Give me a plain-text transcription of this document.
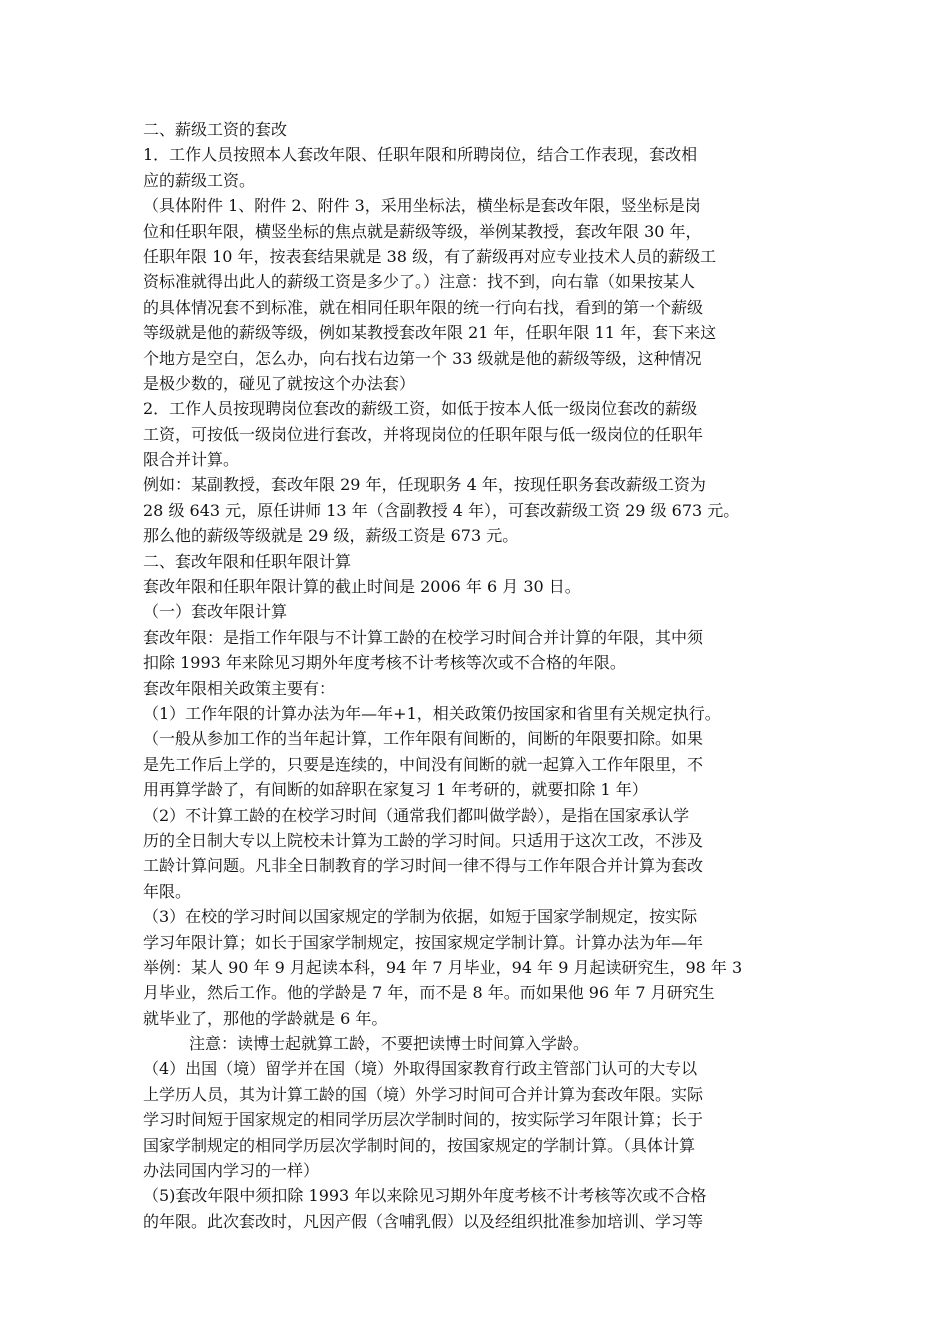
二、薪级工资的套改
1．工作人员按照本人套改年限、任职年限和所聘岗位，结合工作表现，套改相
应的薪级工资。
（具体附件 1、附件 2、附件 3，采用坐标法，横坐标是套改年限，竖坐标是岗
位和任职年限，横竖坐标的焦点就是薪级等级，举例某教授，套改年限 30 年，
任职年限 10 年，按表套结果就是 38 级，有了薪级再对应专业技术人员的薪级工
资标准就得出此人的薪级工资是多少了。）注意：找不到，向右靠（如果按某人
的具体情况套不到标准，就在相同任职年限的统一行向右找，看到的第一个薪级
等级就是他的薪级等级，例如某教授套改年限 21 年，任职年限 11 年，套下来这
个地方是空白，怎么办，向右找右边第一个 33 级就是他的薪级等级，这种情况
是极少数的，碰见了就按这个办法套）
2．工作人员按现聘岗位套改的薪级工资，如低于按本人低一级岗位套改的薪级
工资，可按低一级岗位进行套改，并将现岗位的任职年限与低一级岗位的任职年
限合并计算。
例如：某副教授，套改年限 29 年，任现职务 4 年，按现任职务套改薪级工资为
28 级 643 元，原任讲师 13 年（含副教授 4 年），可套改薪级工资 29 级 673 元。
那么他的薪级等级就是 29 级，薪级工资是 673 元。
二、套改年限和任职年限计算
套改年限和任职年限计算的截止时间是 2006 年 6 月 30 日。
（一）套改年限计算
套改年限：是指工作年限与不计算工龄的在校学习时间合并计算的年限，其中须
扣除 1993 年来除见习期外年度考核不计考核等次或不合格的年限。
套改年限相关政策主要有：
（1）工作年限的计算办法为年—年+1，相关政策仍按国家和省里有关规定执行。
（一般从参加工作的当年起计算，工作年限有间断的，间断的年限要扣除。如果
是先工作后上学的，只要是连续的，中间没有间断的就一起算入工作年限里，不
用再算学龄了，有间断的如辞职在家复习 1 年考研的，就要扣除 1 年）
（2）不计算工龄的在校学习时间（通常我们都叫做学龄），是指在国家承认学
历的全日制大专以上院校未计算为工龄的学习时间。只适用于这次工改，不涉及
工龄计算问题。凡非全日制教育的学习时间一律不得与工作年限合并计算为套改
年限。
（3）在校的学习时间以国家规定的学制为依据，如短于国家学制规定，按实际
学习年限计算；如长于国家学制规定，按国家规定学制计算。计算办法为年—年
举例：某人 90 年 9 月起读本科，94 年 7 月毕业，94 年 9 月起读研究生，98 年 3
月毕业，然后工作。他的学龄是 7 年，而不是 8 年。而如果他 96 年 7 月研究生
就毕业了，那他的学龄就是 6 年。
注意：读博士起就算工龄，不要把读博士时间算入学龄。
（4）出国（境）留学并在国（境）外取得国家教育行政主管部门认可的大专以
上学历人员，其为计算工龄的国（境）外学习时间可合并计算为套改年限。实际
学习时间短于国家规定的相同学历层次学制时间的，按实际学习年限计算；长于
国家学制规定的相同学历层次学制时间的，按国家规定的学制计算。（具体计算
办法同国内学习的一样）
（5)套改年限中须扣除 1993 年以来除见习期外年度考核不计考核等次或不合格
的年限。此次套改时，凡因产假（含哺乳假）以及经组织批准参加培训、学习等
